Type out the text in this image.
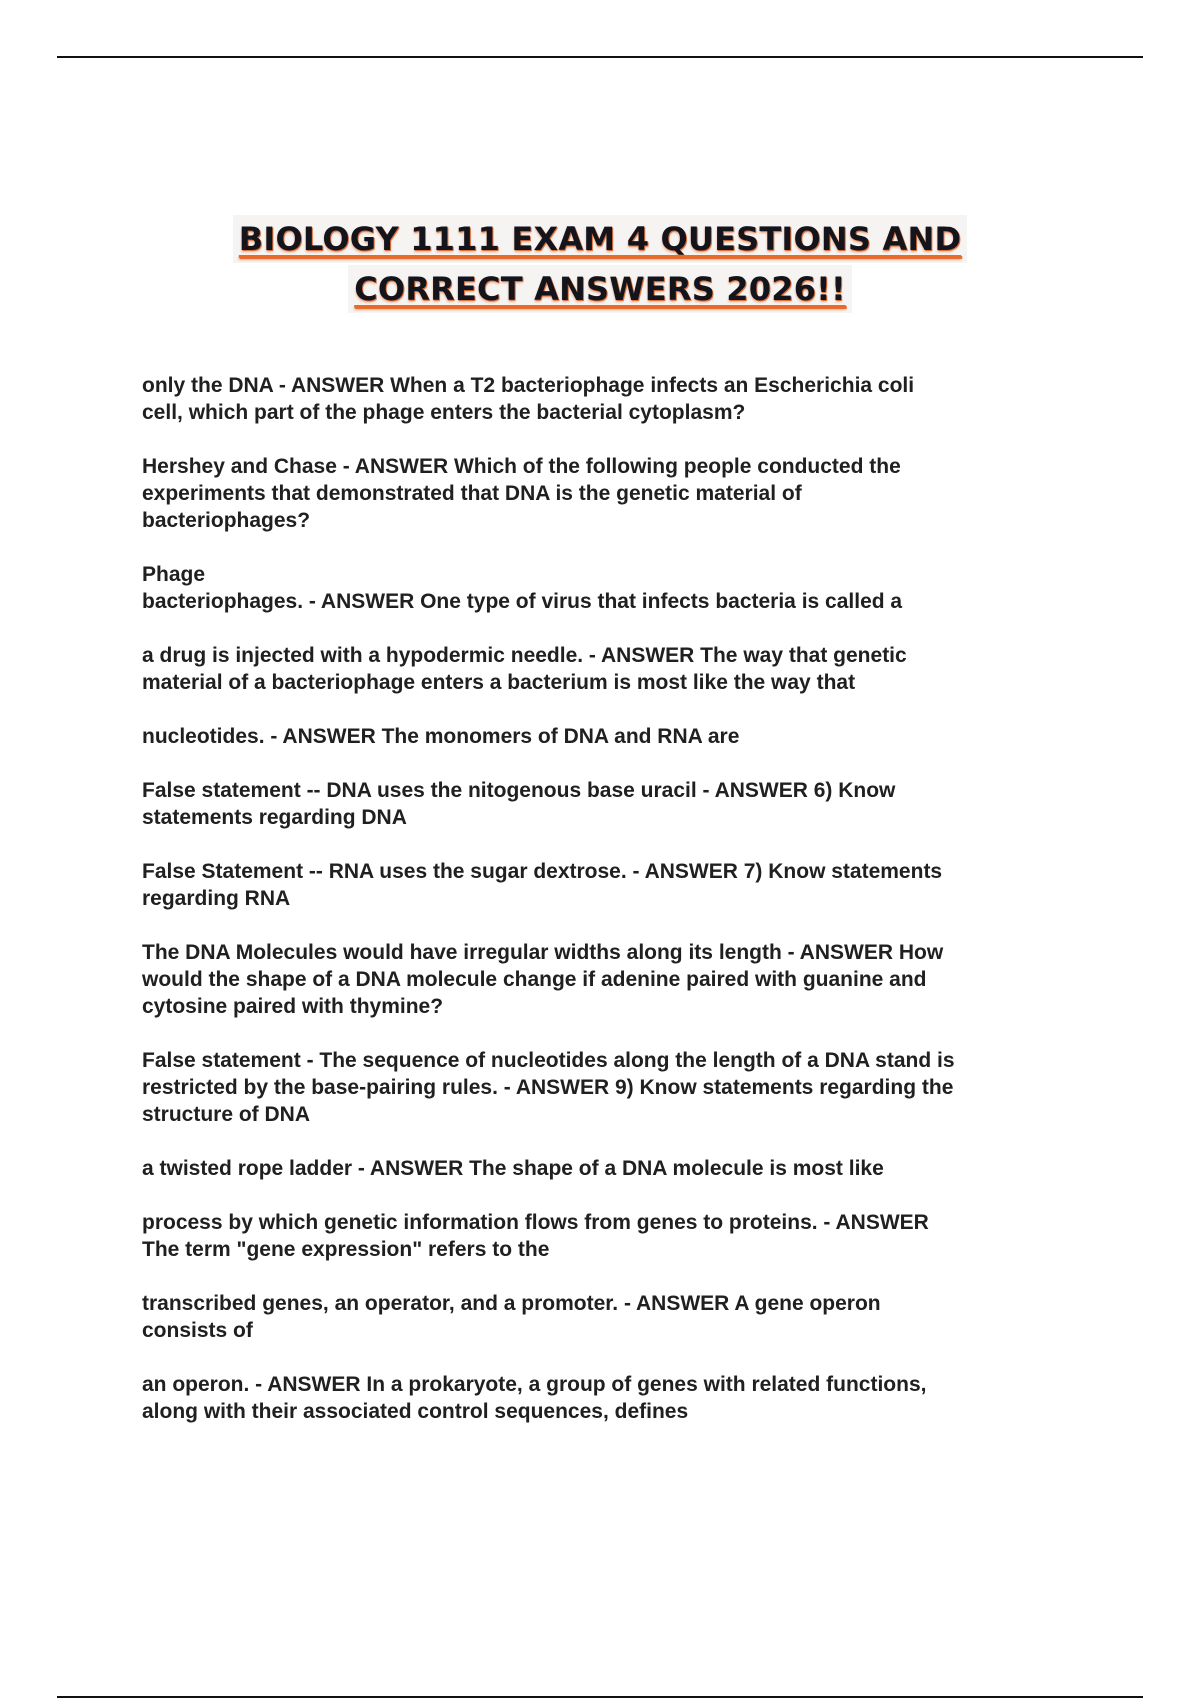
BIOLOGY 1111 EXAM 4 QUESTIONS AND
CORRECT ANSWERS 2026!!
only the DNA - ANSWER When a T2 bacteriophage infects an Escherichia coli
cell, which part of the phage enters the bacterial cytoplasm?
Hershey and Chase - ANSWER Which of the following people conducted the
experiments that demonstrated that DNA is the genetic material of
bacteriophages?
Phage
bacteriophages. - ANSWER One type of virus that infects bacteria is called a
a drug is injected with a hypodermic needle. - ANSWER The way that genetic
material of a bacteriophage enters a bacterium is most like the way that
nucleotides. - ANSWER The monomers of DNA and RNA are
False statement -- DNA uses the nitogenous base uracil - ANSWER 6) Know
statements regarding DNA
False Statement -- RNA uses the sugar dextrose. - ANSWER 7) Know statements
regarding RNA
The DNA Molecules would have irregular widths along its length - ANSWER How
would the shape of a DNA molecule change if adenine paired with guanine and
cytosine paired with thymine?
False statement - The sequence of nucleotides along the length of a DNA stand is
restricted by the base-pairing rules. - ANSWER 9) Know statements regarding the
structure of DNA
a twisted rope ladder - ANSWER The shape of a DNA molecule is most like
process by which genetic information flows from genes to proteins. - ANSWER
The term "gene expression" refers to the
transcribed genes, an operator, and a promoter. - ANSWER A gene operon
consists of
an operon. - ANSWER In a prokaryote, a group of genes with related functions,
along with their associated control sequences, defines
